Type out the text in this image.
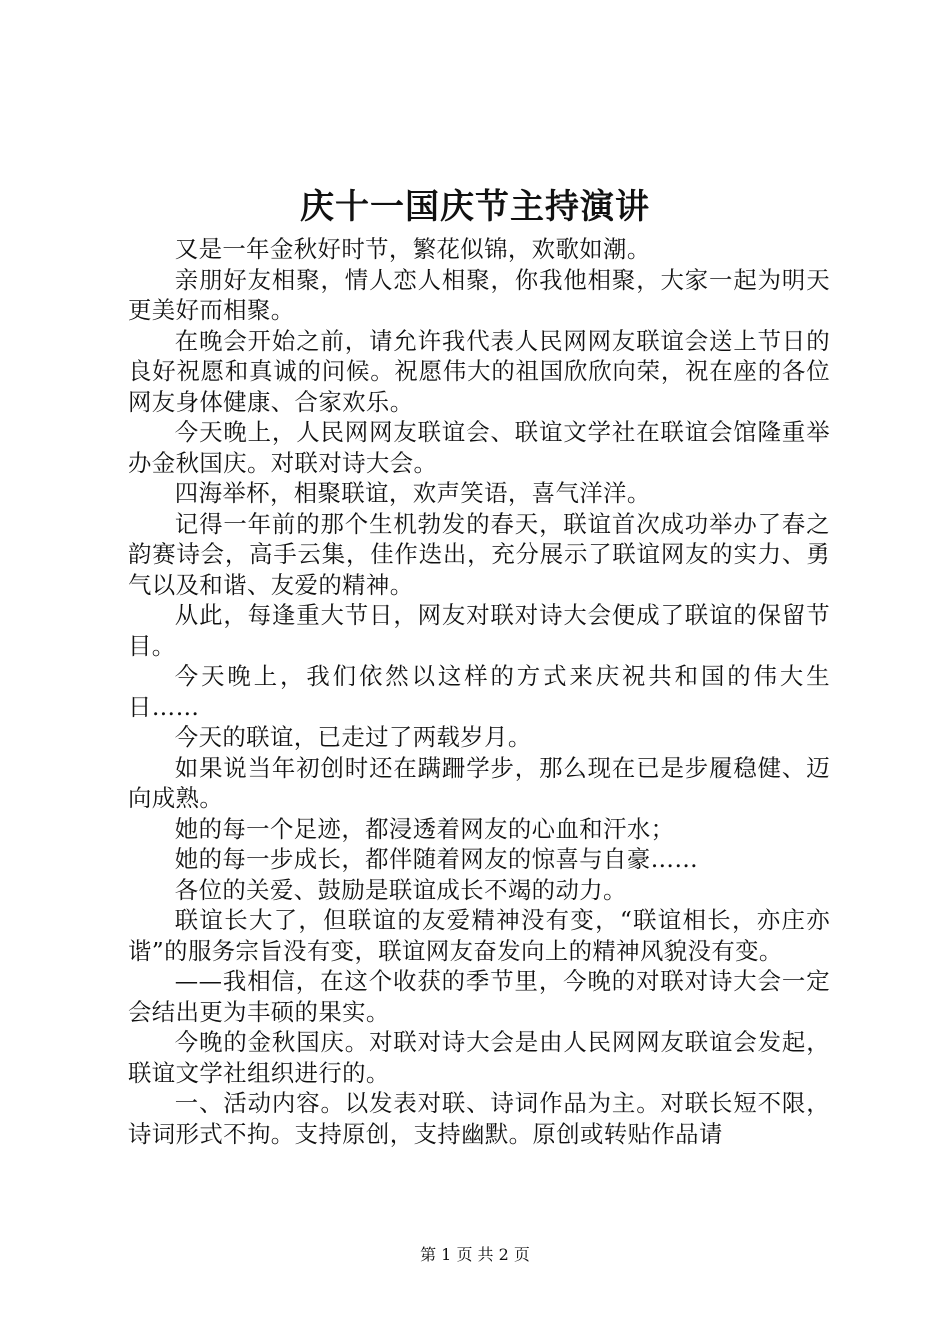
庆十一国庆节主持演讲

又是一年金秋好时节，繁花似锦，欢歌如潮。

亲朋好友相聚，情人恋人相聚，你我他相聚，大家一起为明天更美好而相聚。

在晚会开始之前，请允许我代表人民网网友联谊会送上节日的良好祝愿和真诚的问候。祝愿伟大的祖国欣欣向荣，祝在座的各位网友身体健康、合家欢乐。

今天晚上，人民网网友联谊会、联谊文学社在联谊会馆隆重举办金秋国庆。对联对诗大会。

四海举杯，相聚联谊，欢声笑语，喜气洋洋。

记得一年前的那个生机勃发的春天，联谊首次成功举办了春之韵赛诗会，高手云集，佳作迭出，充分展示了联谊网友的实力、勇气以及和谐、友爱的精神。

从此，每逢重大节日，网友对联对诗大会便成了联谊的保留节目。

今天晚上，我们依然以这样的方式来庆祝共和国的伟大生日……

今天的联谊，已走过了两载岁月。

如果说当年初创时还在蹒跚学步，那么现在已是步履稳健、迈向成熟。

她的每一个足迹，都浸透着网友的心血和汗水；

她的每一步成长，都伴随着网友的惊喜与自豪……

各位的关爱、鼓励是联谊成长不竭的动力。

联谊长大了，但联谊的友爱精神没有变，“联谊相长，亦庄亦谐”的服务宗旨没有变，联谊网友奋发向上的精神风貌没有变。

——我相信，在这个收获的季节里，今晚的对联对诗大会一定会结出更为丰硕的果实。

今晚的金秋国庆。对联对诗大会是由人民网网友联谊会发起，联谊文学社组织进行的。

一、活动内容。以发表对联、诗词作品为主。对联长短不限，诗词形式不拘。支持原创，支持幽默。原创或转贴作品请

第 1 页 共 2 页
